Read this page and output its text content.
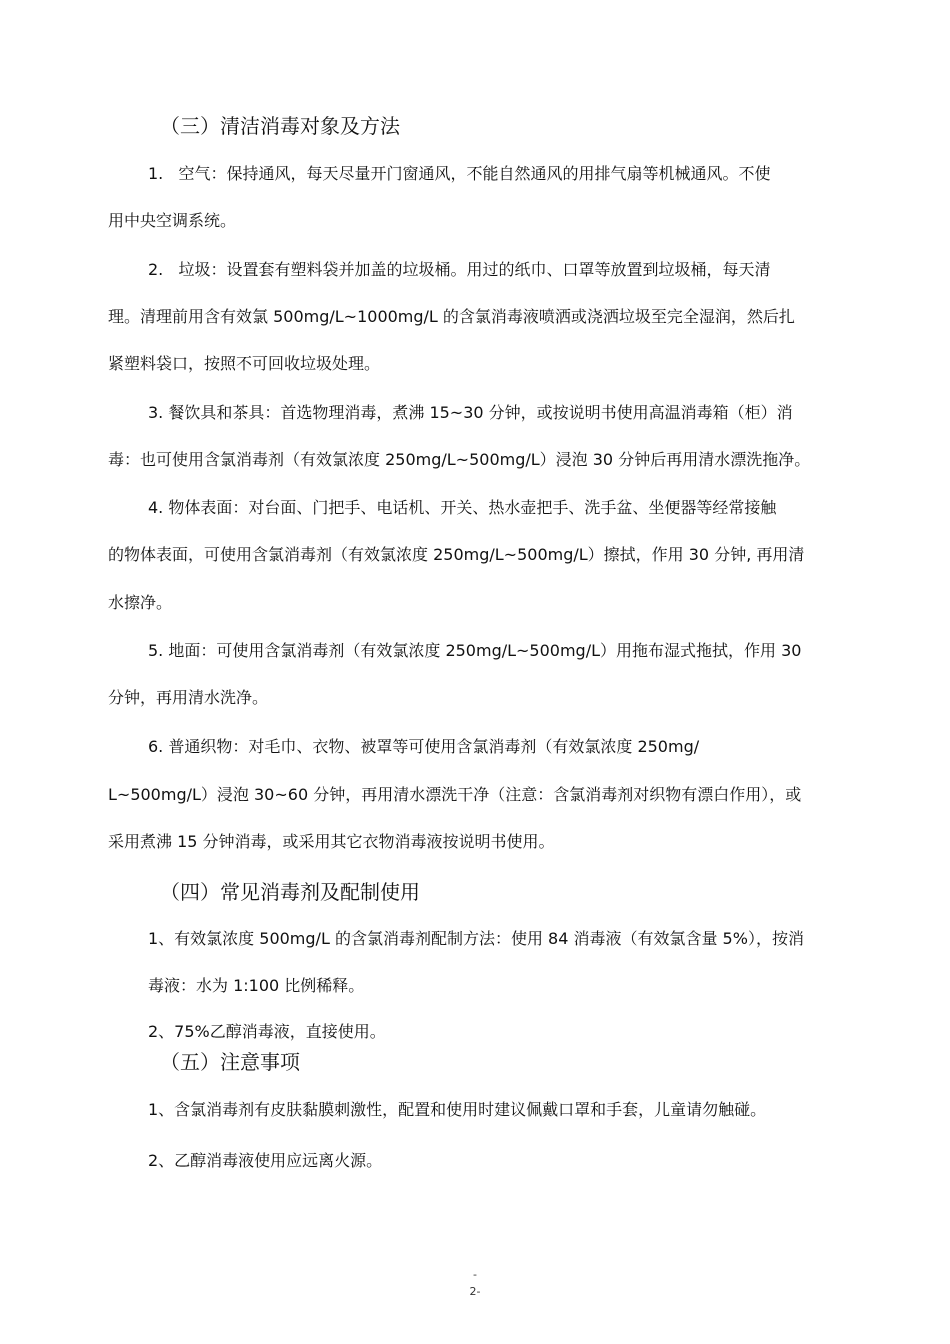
（三）清洁消毒对象及方法
1.   空气：保持通风，每天尽量开门窗通风，不能自然通风的用排气扇等机械通风。不使
用中央空调系统。
2.   垃圾：设置套有塑料袋并加盖的垃圾桶。用过的纸巾、口罩等放置到垃圾桶，每天清
理。清理前用含有效氯 500mg/L~1000mg/L 的含氯消毒液喷洒或浇洒垃圾至完全湿润，然后扎
紧塑料袋口，按照不可回收垃圾处理。
3. 餐饮具和茶具：首选物理消毒，煮沸 15~30 分钟，或按说明书使用高温消毒箱（柜）消
毒：也可使用含氯消毒剂（有效氯浓度 250mg/L~500mg/L）浸泡 30 分钟后再用清水漂洗拖净。
4. 物体表面：对台面、门把手、电话机、开关、热水壶把手、洗手盆、坐便器等经常接触
的物体表面，可使用含氯消毒剂（有效氯浓度 250mg/L~500mg/L）擦拭，作用 30 分钟, 再用清
水擦净。
5. 地面：可使用含氯消毒剂（有效氯浓度 250mg/L~500mg/L）用拖布湿式拖拭，作用 30
分钟，再用清水洗净。
6. 普通织物：对毛巾、衣物、被罩等可使用含氯消毒剂（有效氯浓度 250mg/
L~500mg/L）浸泡 30~60 分钟，再用清水漂洗干净（注意：含氯消毒剂对织物有漂白作用），或
采用煮沸 15 分钟消毒，或采用其它衣物消毒液按说明书使用。
（四）常见消毒剂及配制使用
1、有效氯浓度 500mg/L 的含氯消毒剂配制方法：使用 84 消毒液（有效氯含量 5%），按消
毒液：水为 1:100 比例稀释。
2、75%乙醇消毒液，直接使用。
（五）注意事项
1、含氯消毒剂有皮肤黏膜刺激性，配置和使用时建议佩戴口罩和手套，儿童请勿触碰。
2、乙醇消毒液使用应远离火源。
-
2-
